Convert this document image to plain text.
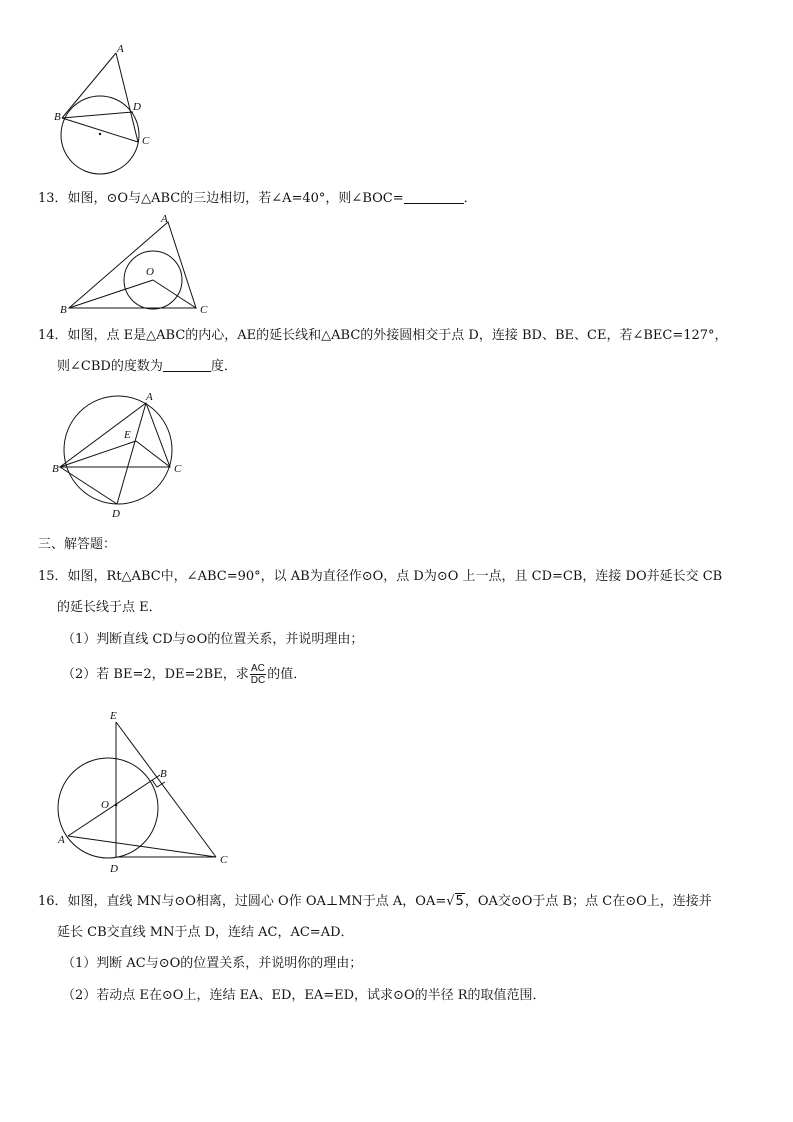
A
B
D
C
13．如图，⊙O与△ABC的三边相切，若∠A=40°，则∠BOC=	．
A
O
B	C
14．如图，点 E是△ABC的内心，AE的延长线和△ABC的外接圆相交于点 D，连接 BD、BE、CE，若∠BEC=127°，
则∠CBD的度数为	度．
A
E
B	C
D
三、解答题：
15．如图，Rt△ABC中，∠ABC=90°，以 AB为直径作⊙O，点 D为⊙O 上一点，且 CD=CB，连接 DO并延长交 CB
的延长线于点 E．
（1）判断直线 CD与⊙O的位置关系，并说明理由；
（2）若 BE=2，DE=2BE，求 $\frac{AC}{DC}$ 的值．
E
B
O
A
D
C
16．如图，直线 MN与⊙O相离，过圆心 O作 OA⊥MN于点 A，OA=√5，OA交⊙O于点 B；点 C在⊙O上，连接并
延长 CB交直线 MN于点 D，连结 AC，AC=AD．
（1）判断 AC与⊙O的位置关系，并说明你的理由；
（2）若动点 E在⊙O上，连结 EA、ED，EA=ED，试求⊙O的半径 R的取值范围．
